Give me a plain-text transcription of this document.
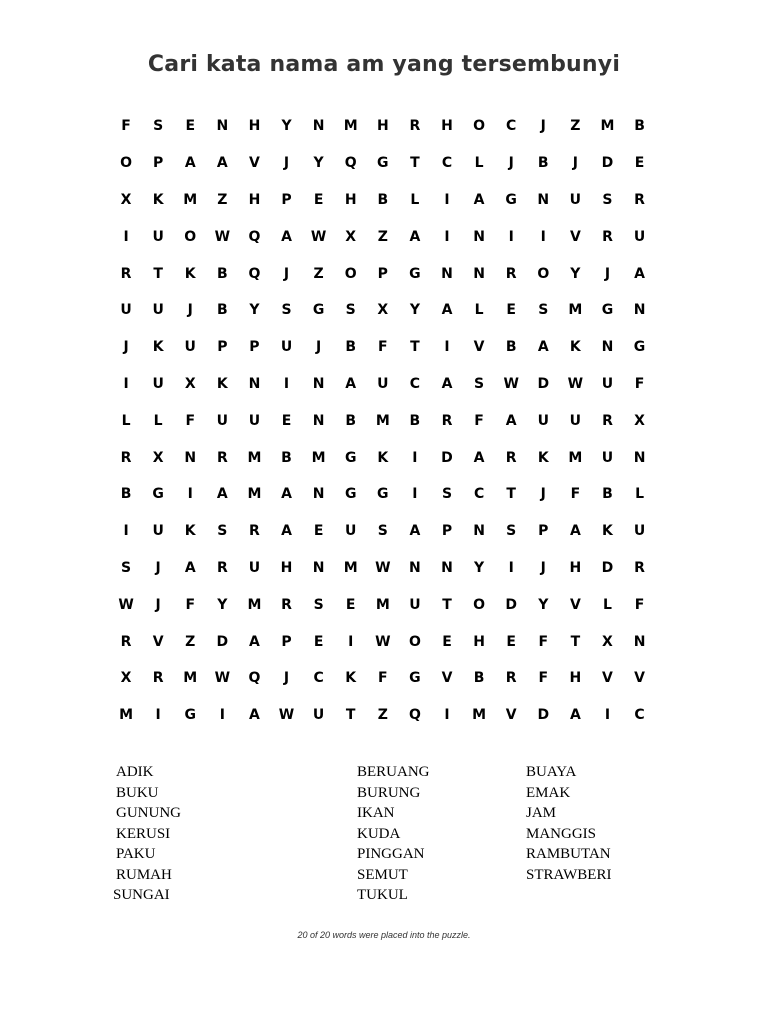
Cari kata nama am yang tersembunyi
F	S	E	N	H	Y	N	M	H	R	H	O	C	J	Z	M	B
O	P	A	A	V	J	Y	Q	G	T	C	L	J	B	J	D	E
X	K	M	Z	H	P	E	H	B	L	I	A	G	N	U	S	R
I	U	O	W	Q	A	W	X	Z	A	I	N	I	I	V	R	U
R	T	K	B	Q	J	Z	O	P	G	N	N	R	O	Y	J	A
U	U	J	B	Y	S	G	S	X	Y	A	L	E	S	M	G	N
J	K	U	P	P	U	J	B	F	T	I	V	B	A	K	N	G
I	U	X	K	N	I	N	A	U	C	A	S	W	D	W	U	F
L	L	F	U	U	E	N	B	M	B	R	F	A	U	U	R	X
R	X	N	R	M	B	M	G	K	I	D	A	R	K	M	U	N
B	G	I	A	M	A	N	G	G	I	S	C	T	J	F	B	L
I	U	K	S	R	A	E	U	S	A	P	N	S	P	A	K	U
S	J	A	R	U	H	N	M	W	N	N	Y	I	J	H	D	R
W	J	F	Y	M	R	S	E	M	U	T	O	D	Y	V	L	F
R	V	Z	D	A	P	E	I	W	O	E	H	E	F	T	X	N
X	R	M	W	Q	J	C	K	F	G	V	B	R	F	H	V	V
M	I	G	I	A	W	U	T	Z	Q	I	M	V	D	A	I	C
ADIK
BUKU
GUNUNG
KERUSI
PAKU
RUMAH
SUNGAI
BERUANG
BURUNG
IKAN
KUDA
PINGGAN
SEMUT
TUKUL
BUAYA
EMAK
JAM
MANGGIS
RAMBUTAN
STRAWBERI
20 of 20 words were placed into the puzzle.
